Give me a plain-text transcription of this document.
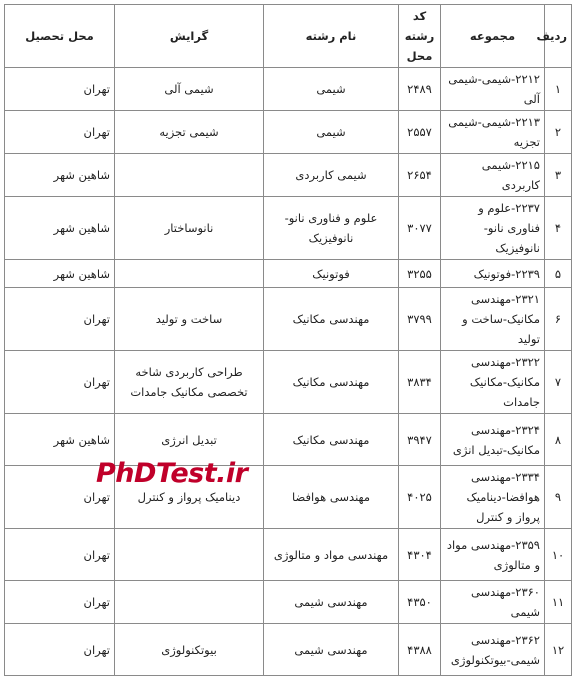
ردیف	مجموعه	کد رشته محل	نام رشته	گرایش	محل تحصیل
۱	۲۲۱۲-شیمی-شیمی آلی	۲۴۸۹	شیمی	شیمی آلی	تهران
۲	۲۲۱۳-شیمی-شیمی تجزیه	۲۵۵۷	شیمی	شیمی تجزیه	تهران
۳	۲۲۱۵-شیمی کاربردی	۲۶۵۴	شیمی کاربردی		شاهین شهر
۴	۲۲۳۷-علوم و فناوری نانو-نانوفیزیک	۳۰۷۷	علوم و فناوری نانو-نانوفیزیک	نانوساختار	شاهین شهر
۵	۲۲۳۹-فوتونیک	۳۲۵۵	فوتونیک		شاهین شهر
۶	۲۳۲۱-مهندسی مکانیک-ساخت و تولید	۳۷۹۹	مهندسی مکانیک	ساخت و تولید	تهران
۷	۲۳۲۲-مهندسی مکانیک-مکانیک جامدات	۳۸۳۴	مهندسی مکانیک	طراحی کاربردی شاخه تخصصی مکانیک جامدات	تهران
۸	۲۳۲۴-مهندسی مکانیک-تبدیل انژی	۳۹۴۷	مهندسی مکانیک	تبدیل انرژی	شاهین شهر
۹	۲۳۳۴-مهندسی هوافضا-دینامیک پرواز و کنترل	۴۰۲۵	مهندسی هوافضا	دینامیک پرواز و کنترل	تهران
۱۰	۲۳۵۹-مهندسی مواد و متالوژی	۴۳۰۴	مهندسی مواد و متالوژی		تهران
۱۱	۲۳۶۰-مهندسی شیمی	۴۳۵۰	مهندسی شیمی		تهران
۱۲	۲۳۶۲-مهندسی شیمی-بیوتکنولوژی	۴۳۸۸	مهندسی شیمی	بیوتکنولوژی	تهران
PhDTest.ir
